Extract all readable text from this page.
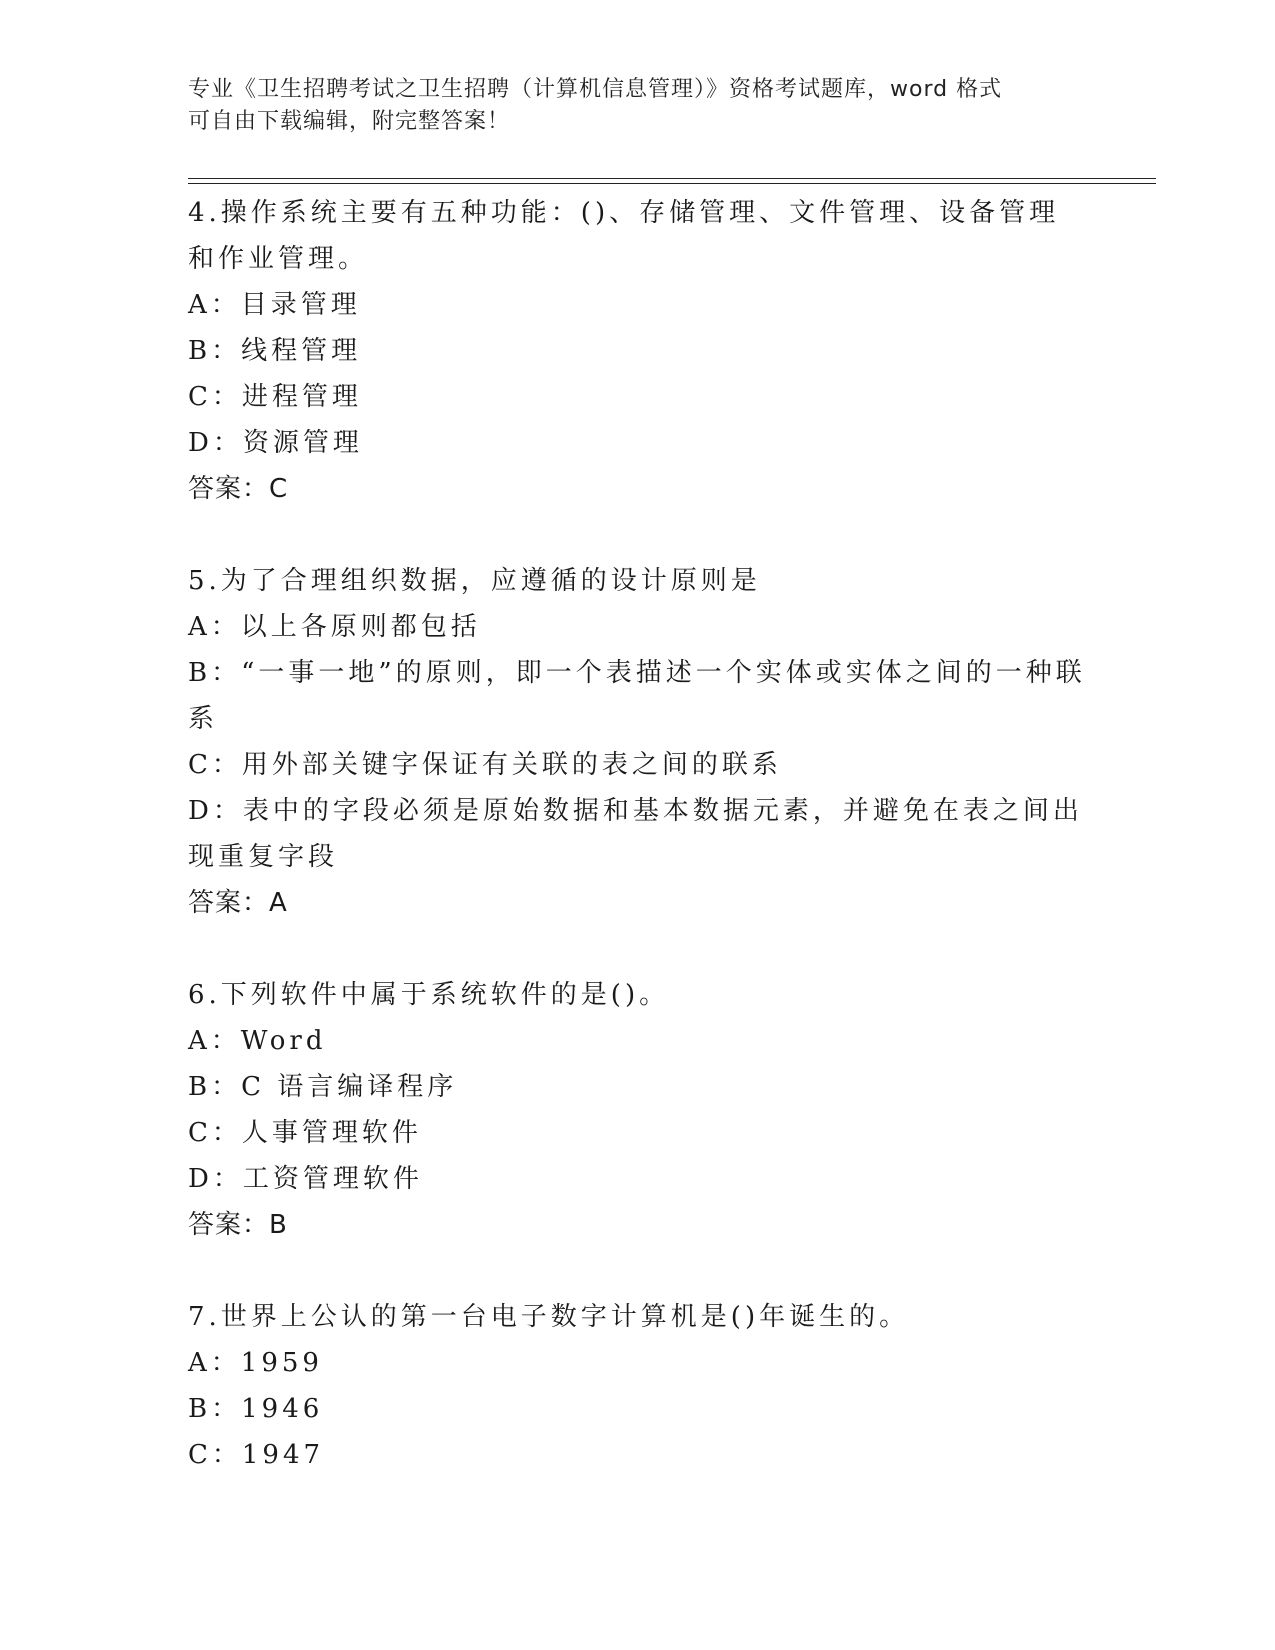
专业《卫生招聘考试之卫生招聘（计算机信息管理）》资格考试题库，word 格式
可自由下载编辑，附完整答案！

4.操作系统主要有五种功能：()、存储管理、文件管理、设备管理和作业管理。

A：目录管理

B：线程管理

C：进程管理

D：资源管理

答案：C

5.为了合理组织数据，应遵循的设计原则是

A：以上各原则都包括

B：“一事一地”的原则，即一个表描述一个实体或实体之间的一种联系

C：用外部关键字保证有关联的表之间的联系

D：表中的字段必须是原始数据和基本数据元素，并避免在表之间出现重复字段

答案：A

6.下列软件中属于系统软件的是()。

A：Word

B：C 语言编译程序

C：人事管理软件

D：工资管理软件

答案：B

7.世界上公认的第一台电子数字计算机是()年诞生的。

A：1959

B：1946

C：1947
